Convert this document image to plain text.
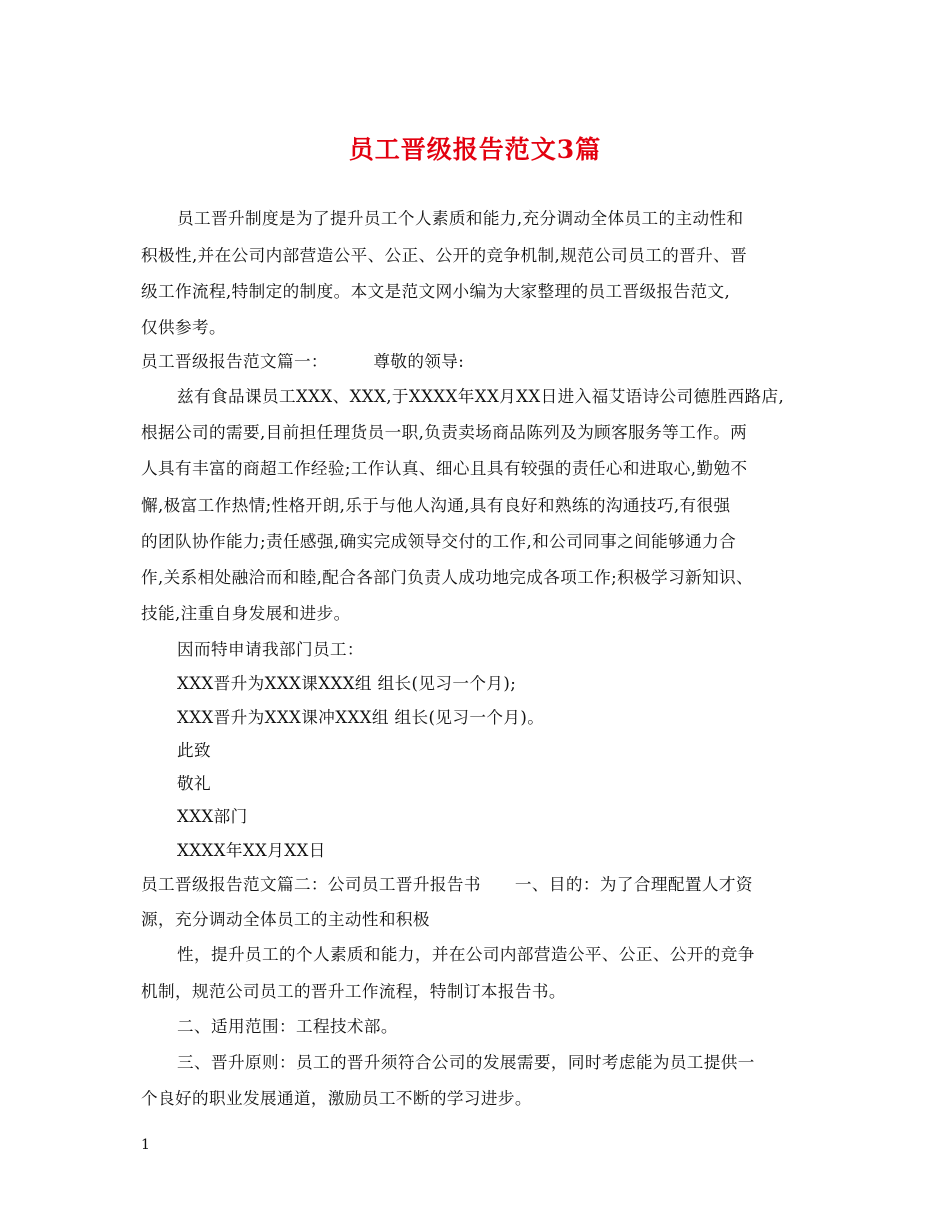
员工晋级报告范文3篇
员工晋升制度是为了提升员工个人素质和能力,充分调动全体员工的主动性和
积极性,并在公司内部营造公平、公正、公开的竞争机制,规范公司员工的晋升、晋
级工作流程,特制定的制度。本文是范文网小编为大家整理的员工晋级报告范文,
仅供参考。
员工晋级报告范文篇一：        尊敬的领导:
兹有食品课员工XXX、XXX,于XXXX年XX月XX日进入福艾语诗公司德胜西路店,
根据公司的需要,目前担任理货员一职,负责卖场商品陈列及为顾客服务等工作。两
人具有丰富的商超工作经验;工作认真、细心且具有较强的责任心和进取心,勤勉不
懈,极富工作热情;性格开朗,乐于与他人沟通,具有良好和熟练的沟通技巧,有很强
的团队协作能力;责任感强,确实完成领导交付的工作,和公司同事之间能够通力合
作,关系相处融洽而和睦,配合各部门负责人成功地完成各项工作;积极学习新知识、
技能,注重自身发展和进步。
因而特申请我部门员工：
XXX晋升为XXX课XXX组 组长(见习一个月);
XXX晋升为XXX课冲XXX组 组长(见习一个月)。
此致
敬礼
XXX部门
XXXX年XX月XX日
员工晋级报告范文篇二：公司员工晋升报告书      一、目的：为了合理配置人才资
源，充分调动全体员工的主动性和积极
性，提升员工的个人素质和能力，并在公司内部营造公平、公正、公开的竞争
机制，规范公司员工的晋升工作流程，特制订本报告书。
二、适用范围：工程技术部。
三、晋升原则：员工的晋升须符合公司的发展需要，同时考虑能为员工提供一
个良好的职业发展通道，激励员工不断的学习进步。
1
